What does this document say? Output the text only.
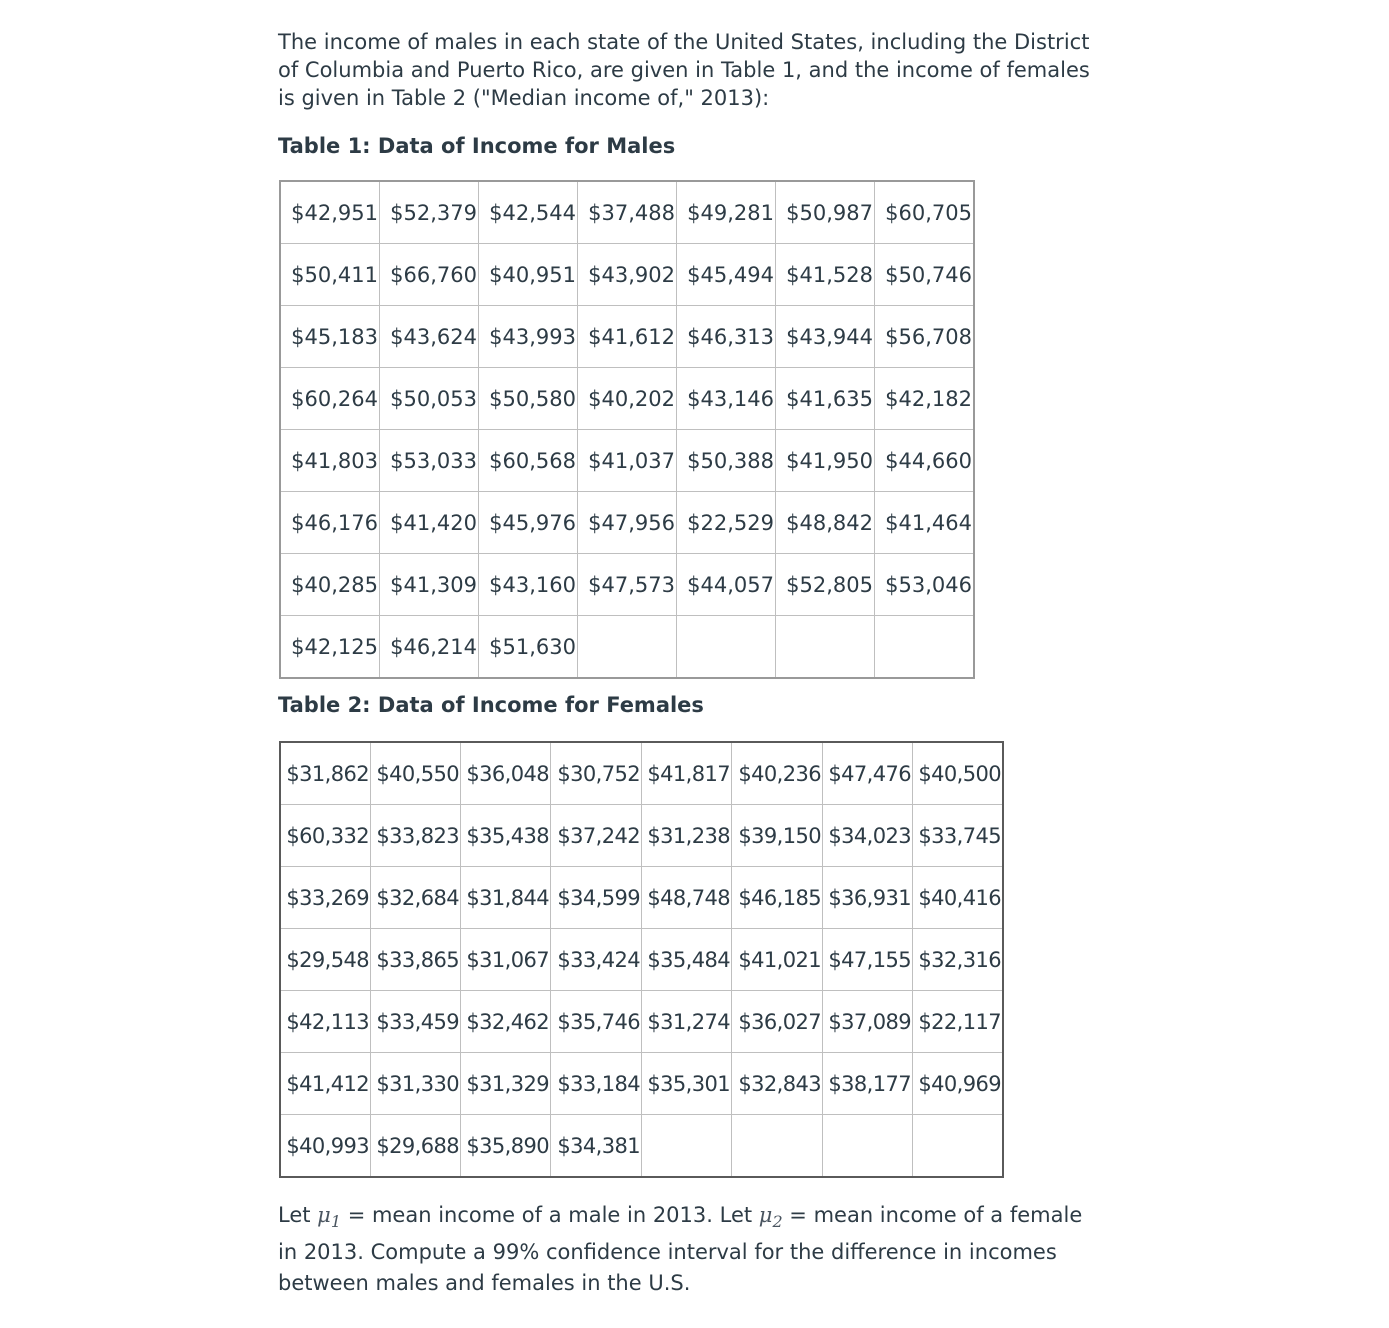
The income of males in each state of the United States, including the District of Columbia and Puerto Rico, are given in Table 1, and the income of females is given in Table 2 ("Median income of," 2013):

Table 1: Data of Income for Males

$42,951	$52,379	$42,544	$37,488	$49,281	$50,987	$60,705
$50,411	$66,760	$40,951	$43,902	$45,494	$41,528	$50,746
$45,183	$43,624	$43,993	$41,612	$46,313	$43,944	$56,708
$60,264	$50,053	$50,580	$40,202	$43,146	$41,635	$42,182
$41,803	$53,033	$60,568	$41,037	$50,388	$41,950	$44,660
$46,176	$41,420	$45,976	$47,956	$22,529	$48,842	$41,464
$40,285	$41,309	$43,160	$47,573	$44,057	$52,805	$53,046
$42,125	$46,214	$51,630				

Table 2: Data of Income for Females

$31,862	$40,550	$36,048	$30,752	$41,817	$40,236	$47,476	$40,500
$60,332	$33,823	$35,438	$37,242	$31,238	$39,150	$34,023	$33,745
$33,269	$32,684	$31,844	$34,599	$48,748	$46,185	$36,931	$40,416
$29,548	$33,865	$31,067	$33,424	$35,484	$41,021	$47,155	$32,316
$42,113	$33,459	$32,462	$35,746	$31,274	$36,027	$37,089	$22,117
$41,412	$31,330	$31,329	$33,184	$35,301	$32,843	$38,177	$40,969
$40,993	$29,688	$35,890	$34,381				

Let $\mu_1$ = mean income of a male in 2013. Let $\mu_2$ = mean income of a female in 2013. Compute a 99% confidence interval for the difference in incomes between males and females in the U.S.
